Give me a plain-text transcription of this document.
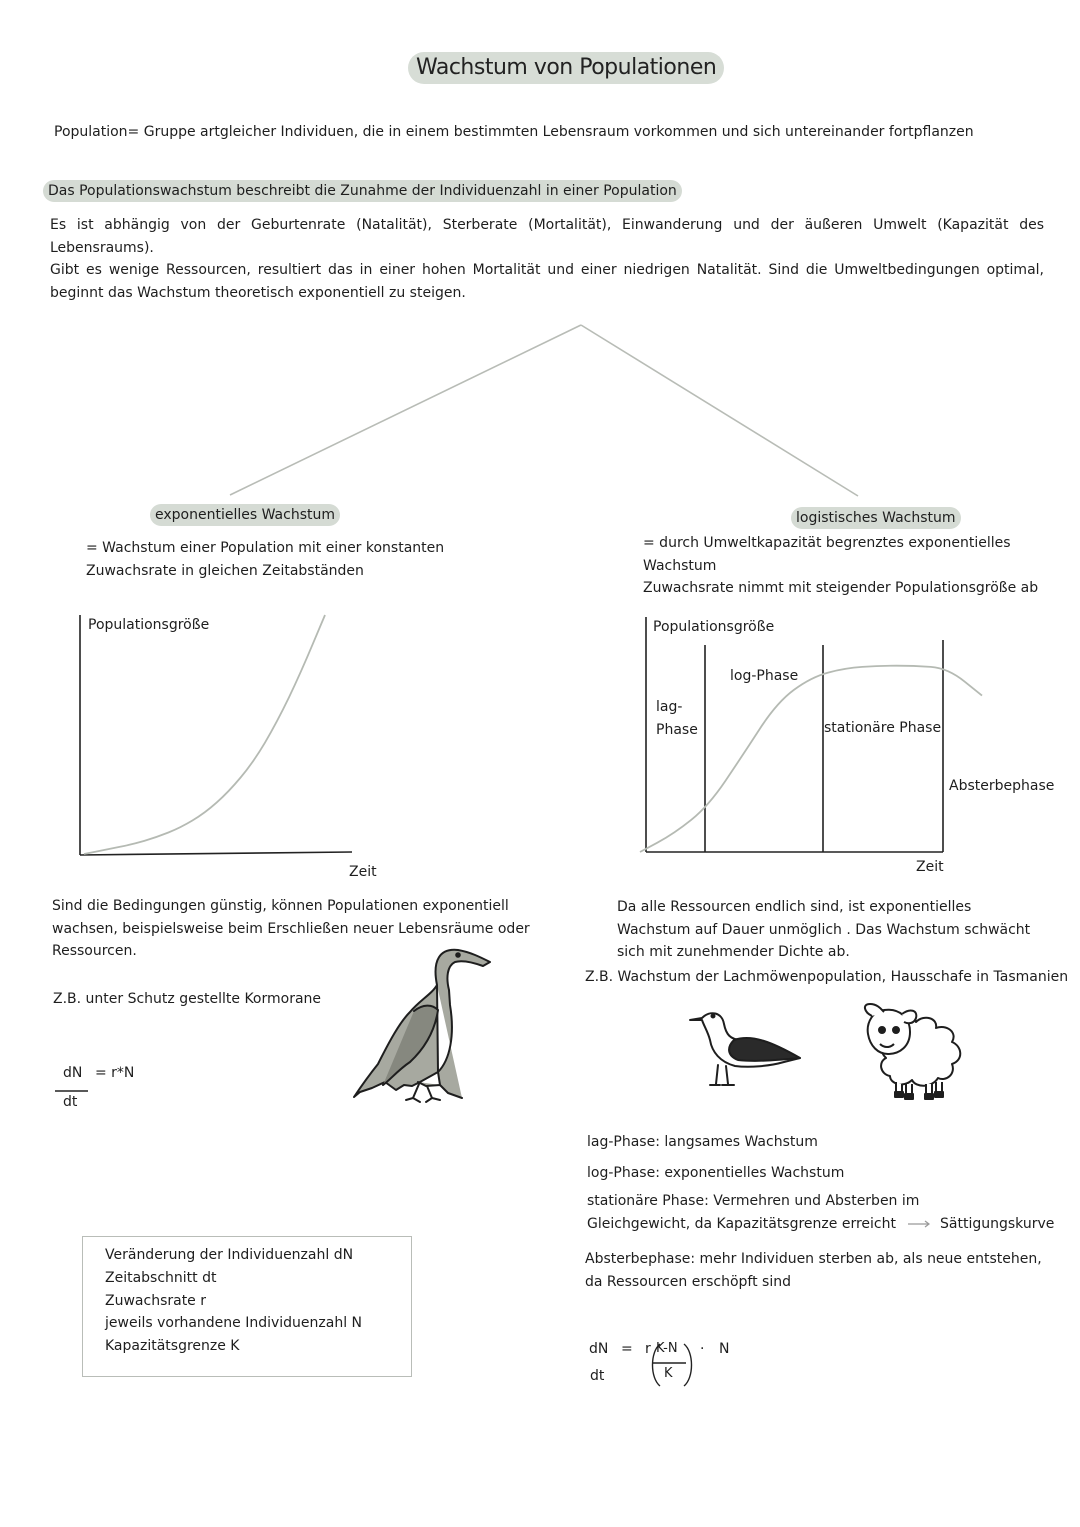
Wachstum von Populationen
Population= Gruppe artgleicher Individuen, die in einem bestimmten Lebensraum vorkommen und sich untereinander fortpflanzen
Das Populationswachstum beschreibt die Zunahme der Individuenzahl in einer Population
Es ist abhängig von der Geburtenrate (Natalität), Sterberate (Mortalität), Einwanderung und der äußeren Umwelt (Kapazität des
Lebensraums).
Gibt es wenige Ressourcen, resultiert das in einer hohen Mortalität und einer niedrigen Natalität. Sind die Umweltbedingungen optimal,
beginnt das Wachstum theoretisch exponentiell zu steigen.
exponentielles Wachstum
= Wachstum einer Population mit einer konstanten
Zuwachsrate in gleichen Zeitabständen
Populationsgröße
Zeit
Sind die Bedingungen günstig, können Populationen exponentiell
wachsen, beispielsweise beim Erschließen neuer Lebensräume oder
Ressourcen.
Z.B. unter Schutz gestellte Kormorane
dN = r*N
dt
Veränderung der Individuenzahl dN
Zeitabschnitt dt
Zuwachsrate r
jeweils vorhandene Individuenzahl N
Kapazitätsgrenze K
logistisches Wachstum
= durch Umweltkapazität begrenztes exponentielles
Wachstum
Zuwachsrate nimmt mit steigender Populationsgröße ab
Populationsgröße
lag-
Phase
log-Phase
stationäre Phase
Absterbephase
Zeit
Da alle Ressourcen endlich sind, ist exponentielles
Wachstum auf Dauer unmöglich . Das Wachstum schwächt
sich mit zunehmender Dichte ab.
Z.B. Wachstum der Lachmöwenpopulation, Hausschafe in Tasmanien
lag-Phase: langsames Wachstum
log-Phase: exponentielles Wachstum
stationäre Phase: Vermehren und Absterben im
Gleichgewicht, da Kapazitätsgrenze erreicht	Sättigungskurve
Absterbephase: mehr Individuen sterben ab, als neue entstehen,
da Ressourcen erschöpft sind
dN = r K-N
K
· N
dt
